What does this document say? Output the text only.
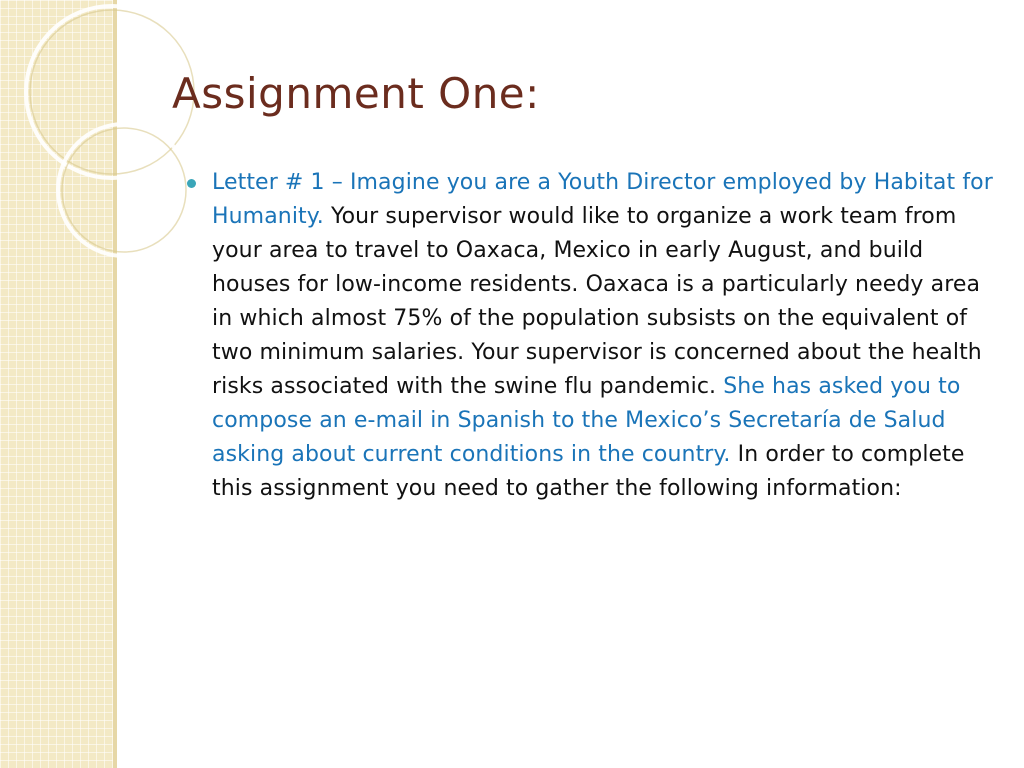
Assignment One:
Letter # 1 – Imagine you are a Youth Director employed by Habitat for Humanity. Your supervisor would like to organize a work team from your area to travel to Oaxaca, Mexico in early August, and build houses for low-income residents. Oaxaca is a particularly needy area in which almost 75% of the population subsists on the equivalent of two minimum salaries. Your supervisor is concerned about the health risks associated with the swine flu pandemic. She has asked you to compose an e-mail in Spanish to the Mexico’s Secretaría de Salud asking about current conditions in the country. In order to complete this assignment you need to gather the following information:
